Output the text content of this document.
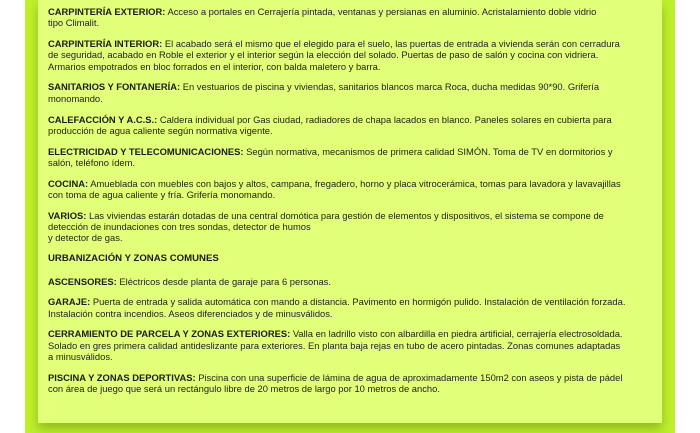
CARPINTERÍA EXTERIOR: Acceso a portales en Cerrajería pintada, ventanas y persianas en aluminio. Acristalamiento doble vidrio

tipo Climalit.

CARPINTERÍA INTERIOR: El acabado será el mismo que el elegido para el suelo, las puertas de entrada a vivienda serán con cerradura

de seguridad, acabado en Roble el exterior y el interior según la elección del solado. Puertas de paso de salón y cocina con vidriera.

Armarios empotrados en bloc forrados en el interior, con balda maletero y barra.

SANITARIOS Y FONTANERÍA: En vestuarios de piscina y viviendas, sanitarios blancos marca Roca, ducha medidas 90*90. Grifería

monomando.

CALEFACCIÓN Y A.C.S.: Caldera individual por Gas ciudad, radiadores de chapa lacados en blanco. Paneles solares en cubierta para

producción de agua caliente según normativa vigente.

ELECTRICIDAD Y TELECOMUNICACIONES: Según normativa, mecanismos de primera calidad SIMÓN. Toma de TV en dormitorios y

salón, teléfono ídem.

COCINA: Amueblada con muebles con bajos y altos, campana, fregadero, horno y placa vitrocerámica, tomas para lavadora y lavavajillas

con toma de agua caliente y fría. Grifería monomando.

VARIOS: Las viviendas estarán dotadas de una central domótica para gestión de elementos y dispositivos, el sistema se compone de

detección de inundaciones con tres sondas, detector de humos

y detector de gas.

URBANIZACIÓN Y ZONAS COMUNES

ASCENSORES: Eléctricos desde planta de garaje para 6 personas.

GARAJE: Puerta de entrada y salida automática con mando a distancia. Pavimento en hormigón pulido. Instalación de ventilación forzada.

Instalación contra incendios. Aseos diferenciados y de minusválidos.

CERRAMIENTO DE PARCELA Y ZONAS EXTERIORES: Valla en ladrillo visto con albardilla en piedra artificial, cerrajería electrosoldada.

Solado en gres primera calidad antideslizante para exteriores. En planta baja rejas en tubo de acero pintadas. Zonas comunes adaptadas

a minusválidos.

PISCINA Y ZONAS DEPORTIVAS: Piscina con una superficie de lámina de agua de aproximadamente 150m2 con aseos y pista de pádel

con área de juego que será un rectángulo libre de 20 metros de largo por 10 metros de ancho.
